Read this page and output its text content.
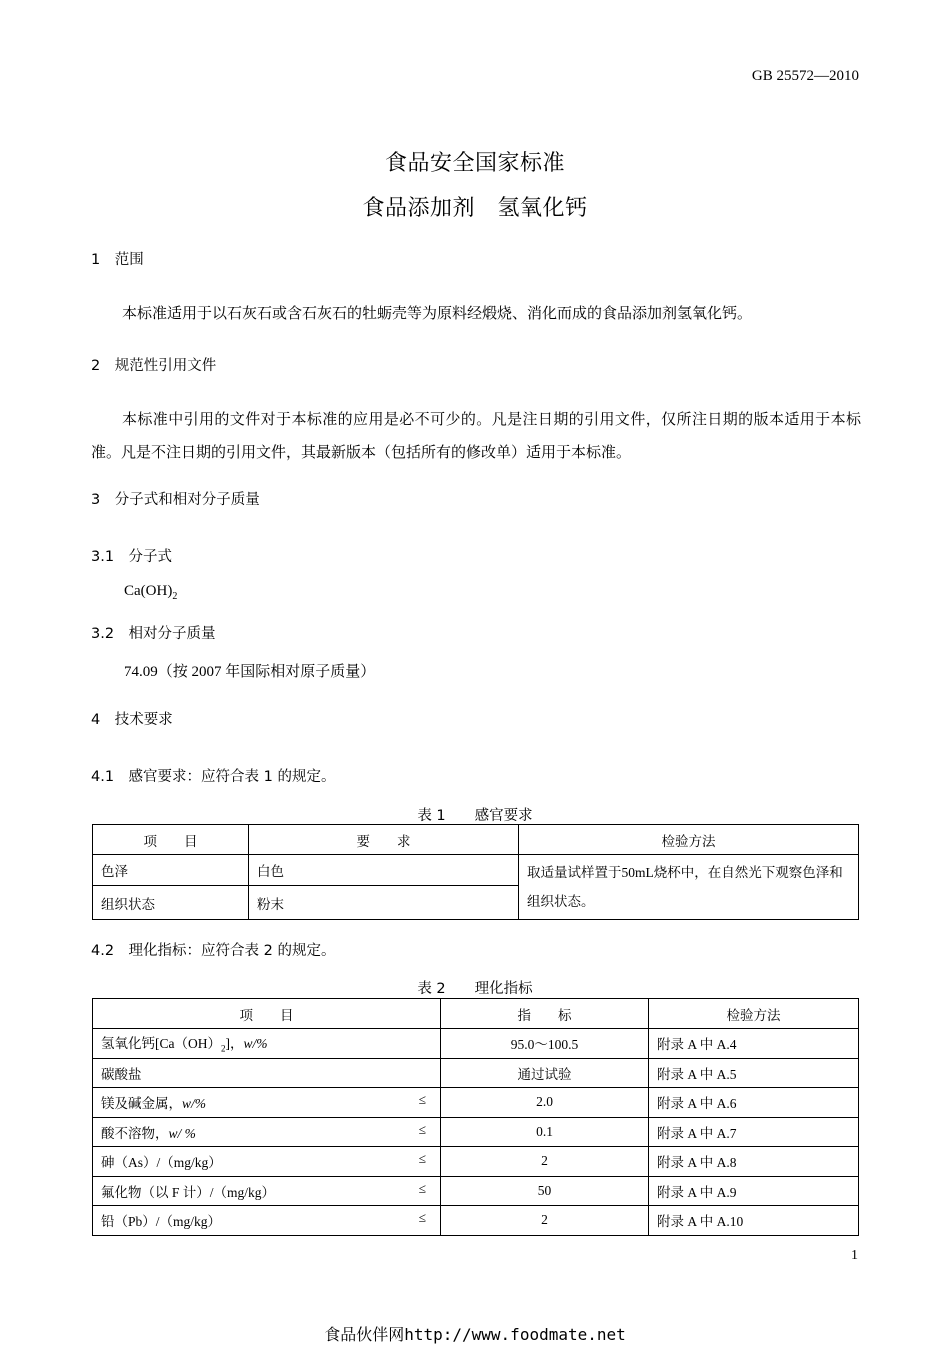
GB 25572—2010
食品安全国家标准
食品添加剂　氢氧化钙
1　范围
本标准适用于以石灰石或含石灰石的牡蛎壳等为原料经煅烧、消化而成的食品添加剂氢氧化钙。
2　规范性引用文件
本标准中引用的文件对于本标准的应用是必不可少的。凡是注日期的引用文件，仅所注日期的版本适用于本标准。凡是不注日期的引用文件，其最新版本（包括所有的修改单）适用于本标准。
3　分子式和相对分子质量
3.1　分子式
$Ca(OH)_2$
3.2　相对分子质量
74.09（按 2007 年国际相对原子质量）
4　技术要求
4.1　感官要求：应符合表 1 的规定。
表 1　　感官要求
项　　目	要　　求	检验方法
色泽	白色	取适量试样置于50mL烧杯中，在自然光下观察色泽和组织状态。
组织状态	粉末	
4.2　理化指标：应符合表 2 的规定。
表 2　　理化指标
项　　目	指　　标	检验方法
氢氧化钙$[Ca(OH)_2]$，w/%	95.0～100.5	附录 A 中 A.4
碳酸盐	通过试验	附录 A 中 A.5
镁及碱金属，w/% ≤	2.0	附录 A 中 A.6
酸不溶物，w/ % ≤	0.1	附录 A 中 A.7
砷（As）/（mg/kg） ≤	2	附录 A 中 A.8
氟化物（以 F 计）/（mg/kg） ≤	50	附录 A 中 A.9
铅（Pb）/（mg/kg） ≤	2	附录 A 中 A.10
1
食品伙伴网http://www.foodmate.net
